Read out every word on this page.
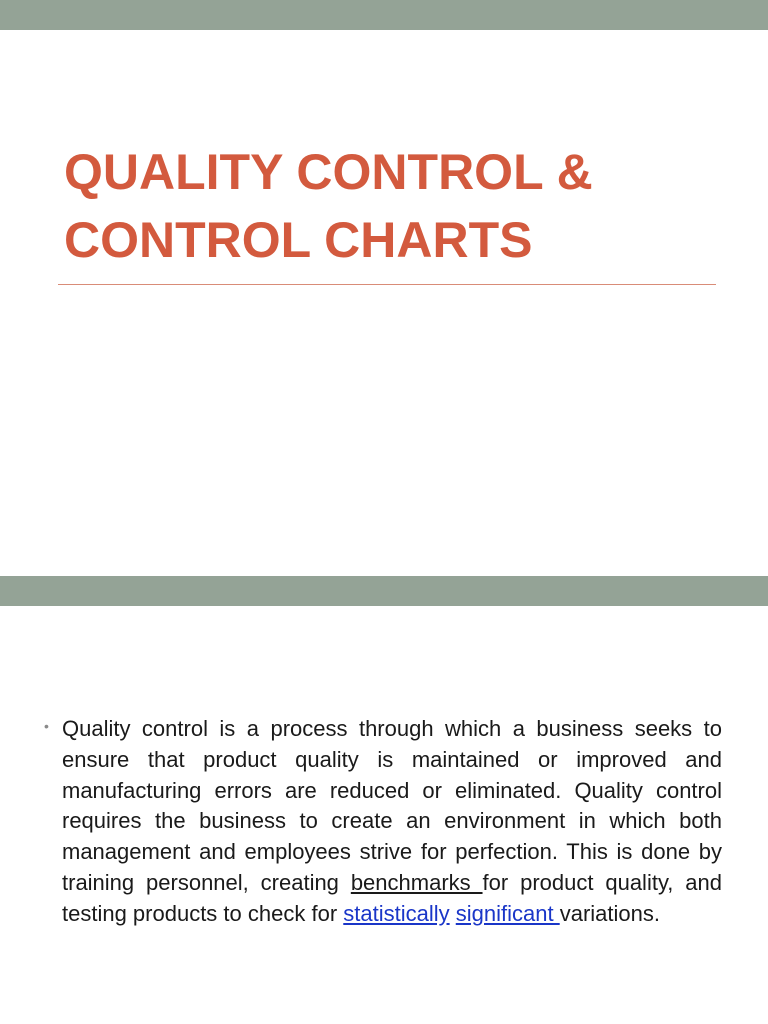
QUALITY CONTROL &
CONTROL CHARTS
• Quality control is a process through which a business seeks to ensure that product quality is maintained or improved and manufacturing errors are reduced or eliminated. Quality control requires the business to create an environment in which both management and employees strive for perfection. This is done by training personnel, creating benchmarks for product quality, and testing products to check for statistically significant variations.
